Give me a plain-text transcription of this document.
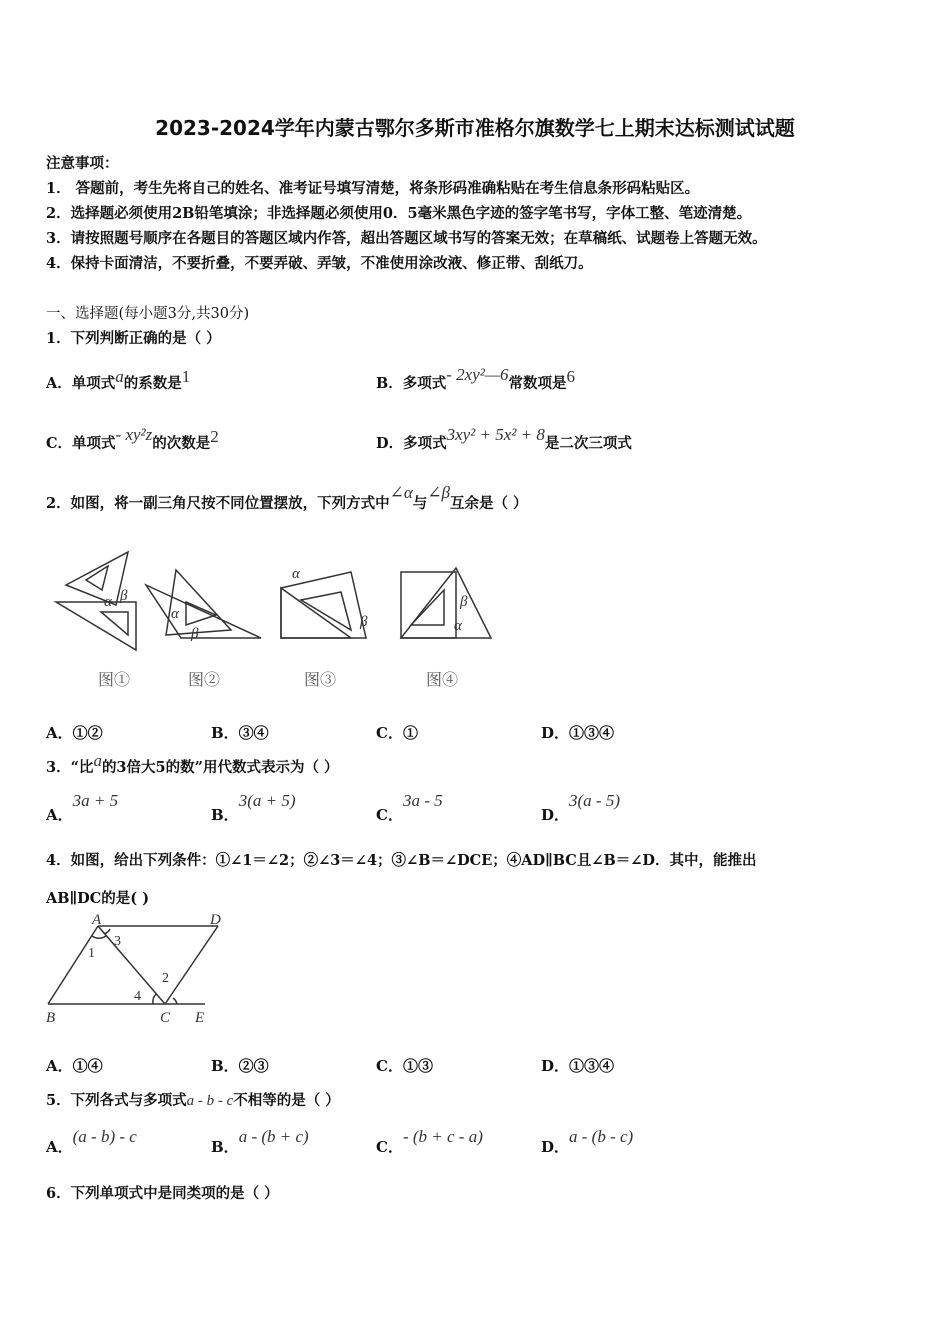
2023-2024学年内蒙古鄂尔多斯市准格尔旗数学七上期末达标测试试题
注意事项：
1． 答题前，考生先将自己的姓名、准考证号填写清楚，将条形码准确粘贴在考生信息条形码粘贴区。
2．选择题必须使用2B铅笔填涂；非选择题必须使用0．5毫米黑色字迹的签字笔书写，字体工整、笔迹清楚。
3．请按照题号顺序在各题目的答题区域内作答，超出答题区域书写的答案无效；在草稿纸、试题卷上答题无效。
4．保持卡面清洁，不要折叠，不要弄破、弄皱，不准使用涂改液、修正带、刮纸刀。
一、选择题(每小题3分,共30分)
1．下列判断正确的是（ ）
A．单项式a的系数是1	B．多项式- 2xy²—6常数项是6
C．单项式- xy²z的次数是2	D．多项式3xy² + 5x² + 8是二次三项式
2．如图，将一副三角尺按不同位置摆放，下列方式中∠α与∠β互余是（ ）
α β
α
β
α
β	α
β
图①	图②	图③	图④
A．①②	B．③④	C．①	D．①③④
3．“比a的3倍大5的数”用代数式表示为（ ）
A．3a + 5
B．3(a + 5)
C．3a - 5
D．3(a - 5)
4．如图，给出下列条件：①∠1＝∠2；②∠3＝∠4；③∠B＝∠DCE；④AD∥BC且∠B＝∠D．其中，能推出
AB∥DC的是( )
A	D
B	C E
1
3
2
4
A．①④	B．②③	C．①③	D．①③④
5．下列各式与多项式a - b - c不相等的是（ ）
A．(a - b) - c
B．a - (b + c)
C．- (b + c - a)
D．a - (b - c)
6．下列单项式中是同类项的是（ ）
